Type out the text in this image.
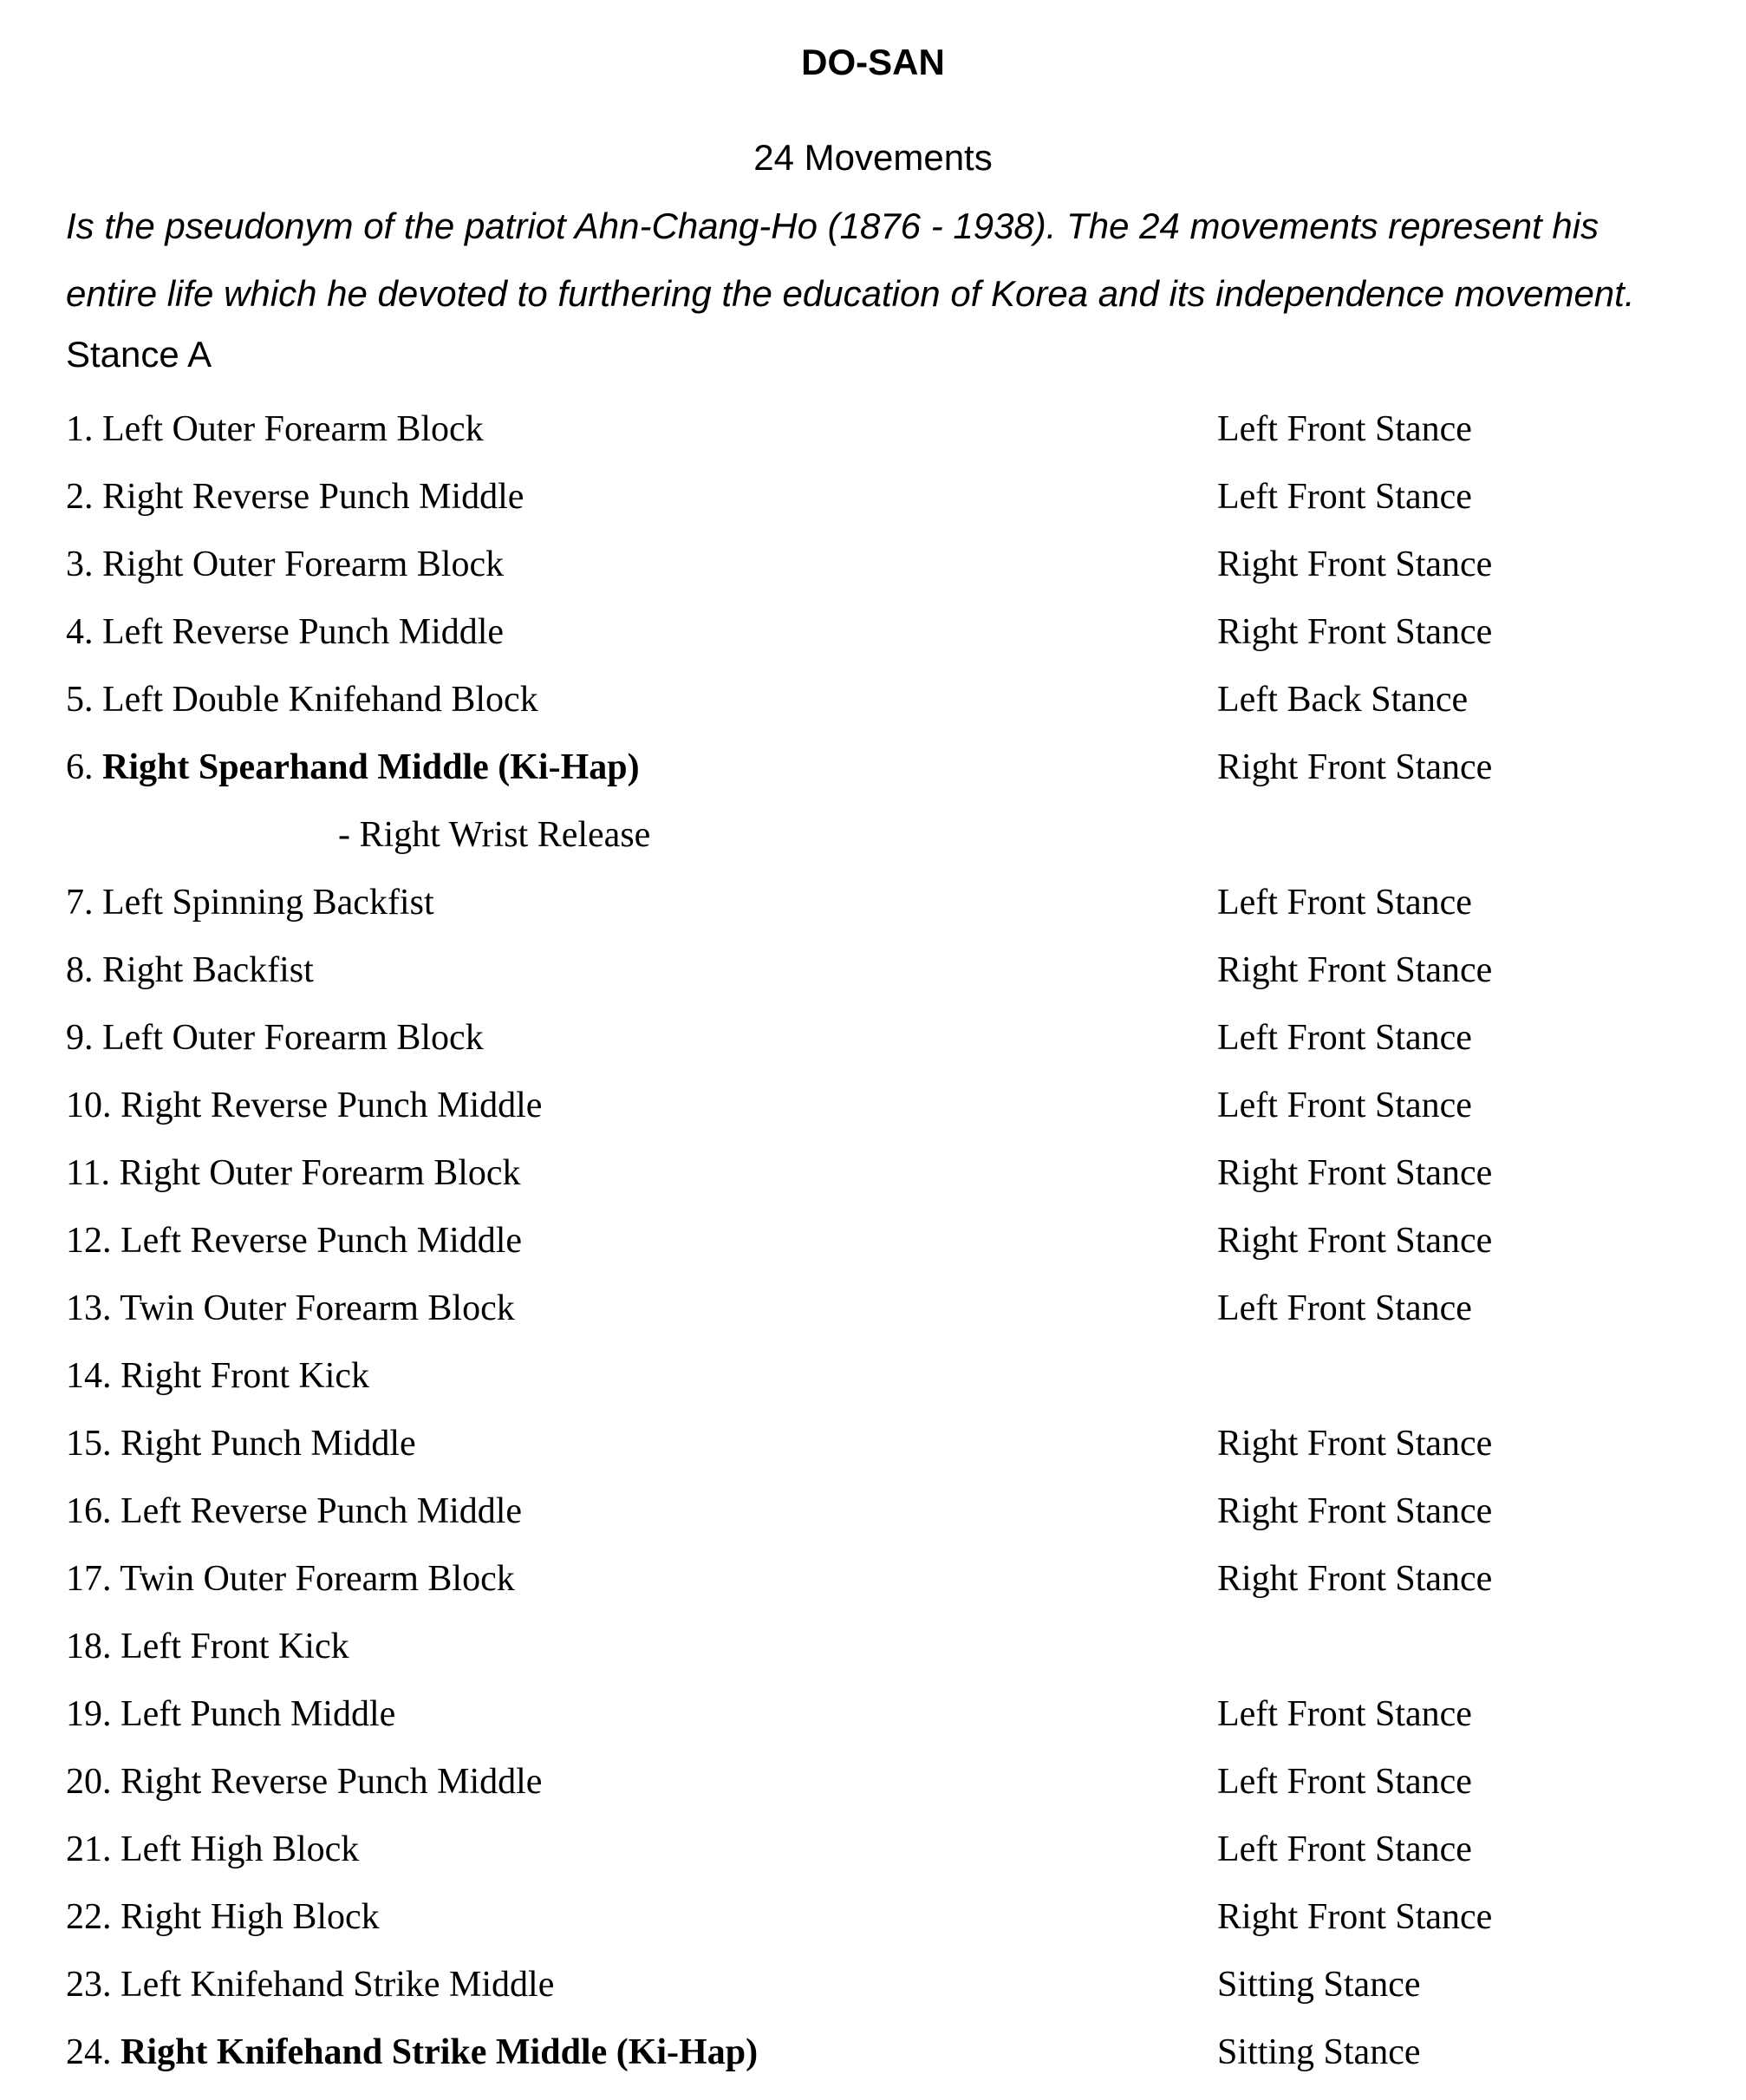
DO-SAN
24 Movements
Is the pseudonym of the patriot Ahn-Chang-Ho (1876 - 1938). The 24 movements represent his
entire life which he devoted to furthering the education of Korea and its independence movement.
Stance A
1. Left Outer Forearm Block	Left Front Stance
2. Right Reverse Punch Middle	Left Front Stance
3. Right Outer Forearm Block	Right Front Stance
4. Left Reverse Punch Middle	Right Front Stance
5. Left Double Knifehand Block	Left Back Stance
6. Right Spearhand Middle (Ki-Hap)	Right Front Stance
- Right Wrist Release
7. Left Spinning Backfist	Left Front Stance
8. Right Backfist	Right Front Stance
9. Left Outer Forearm Block	Left Front Stance
10. Right Reverse Punch Middle	Left Front Stance
11. Right Outer Forearm Block	Right Front Stance
12. Left Reverse Punch Middle	Right Front Stance
13. Twin Outer Forearm Block	Left Front Stance
14. Right Front Kick
15. Right Punch Middle	Right Front Stance
16. Left Reverse Punch Middle	Right Front Stance
17. Twin Outer Forearm Block	Right Front Stance
18. Left Front Kick
19. Left Punch Middle	Left Front Stance
20. Right Reverse Punch Middle	Left Front Stance
21. Left High Block	Left Front Stance
22. Right High Block	Right Front Stance
23. Left Knifehand Strike Middle	Sitting Stance
24. Right Knifehand Strike Middle (Ki-Hap)	Sitting Stance
